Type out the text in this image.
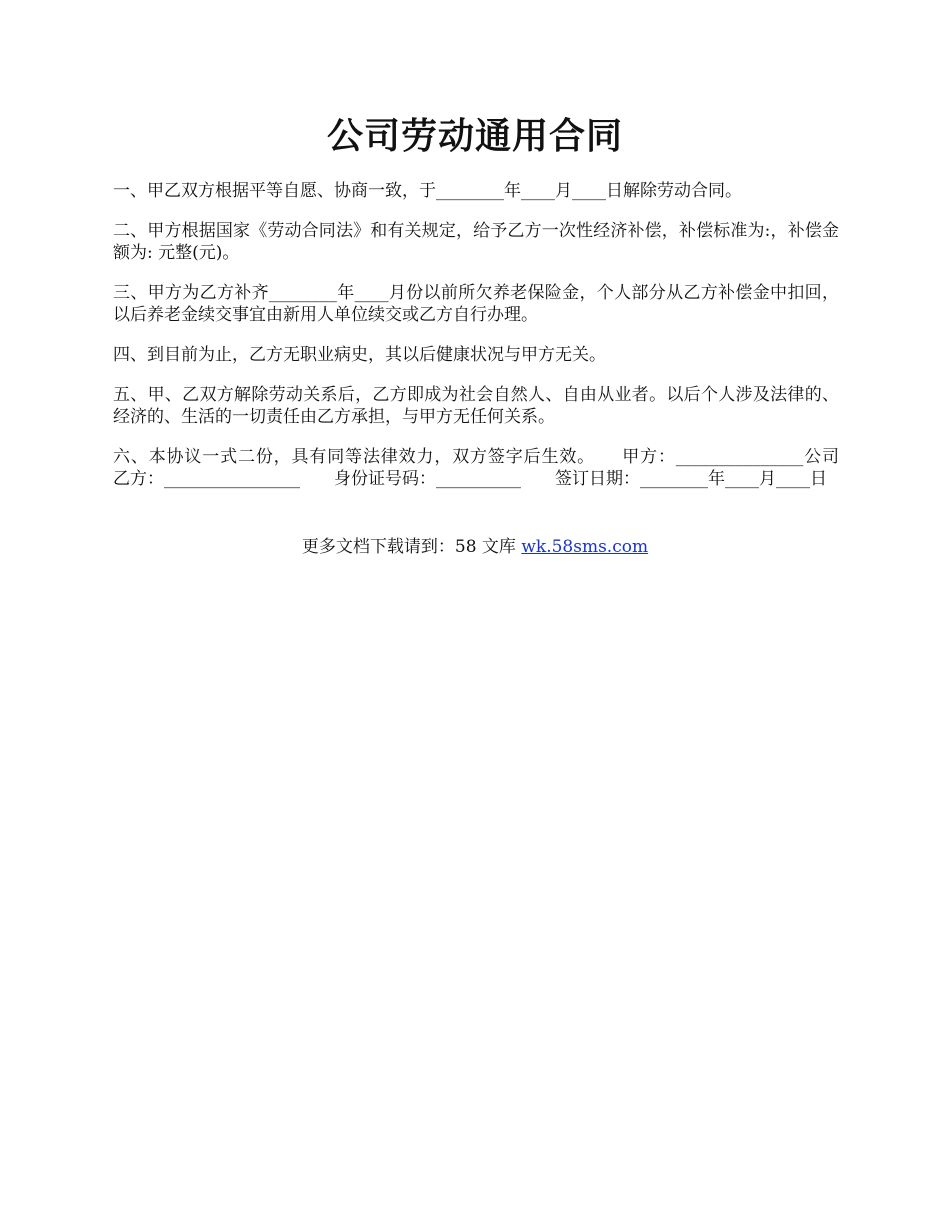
公司劳动通用合同

一、甲乙双方根据平等自愿、协商一致，于________年____月____日解除劳动合同。

二、甲方根据国家《劳动合同法》和有关规定，给予乙方一次性经济补偿，补偿标准为:，补偿金额为: 元整(元)。

三、甲方为乙方补齐________年____月份以前所欠养老保险金，个人部分从乙方补偿金中扣回，以后养老金续交事宜由新用人单位续交或乙方自行办理。

四、到目前为止，乙方无职业病史，其以后健康状况与甲方无关。

五、甲、乙双方解除劳动关系后，乙方即成为社会自然人、自由从业者。以后个人涉及法律的、经济的、生活的一切责任由乙方承担，与甲方无任何关系。

六、本协议一式二份，具有同等法律效力，双方签字后生效。　　甲方：_______________公司　　乙方：________________　　身份证号码：__________　　签订日期：________年____月____日

更多文档下载请到：58 文库 wk.58sms.com
